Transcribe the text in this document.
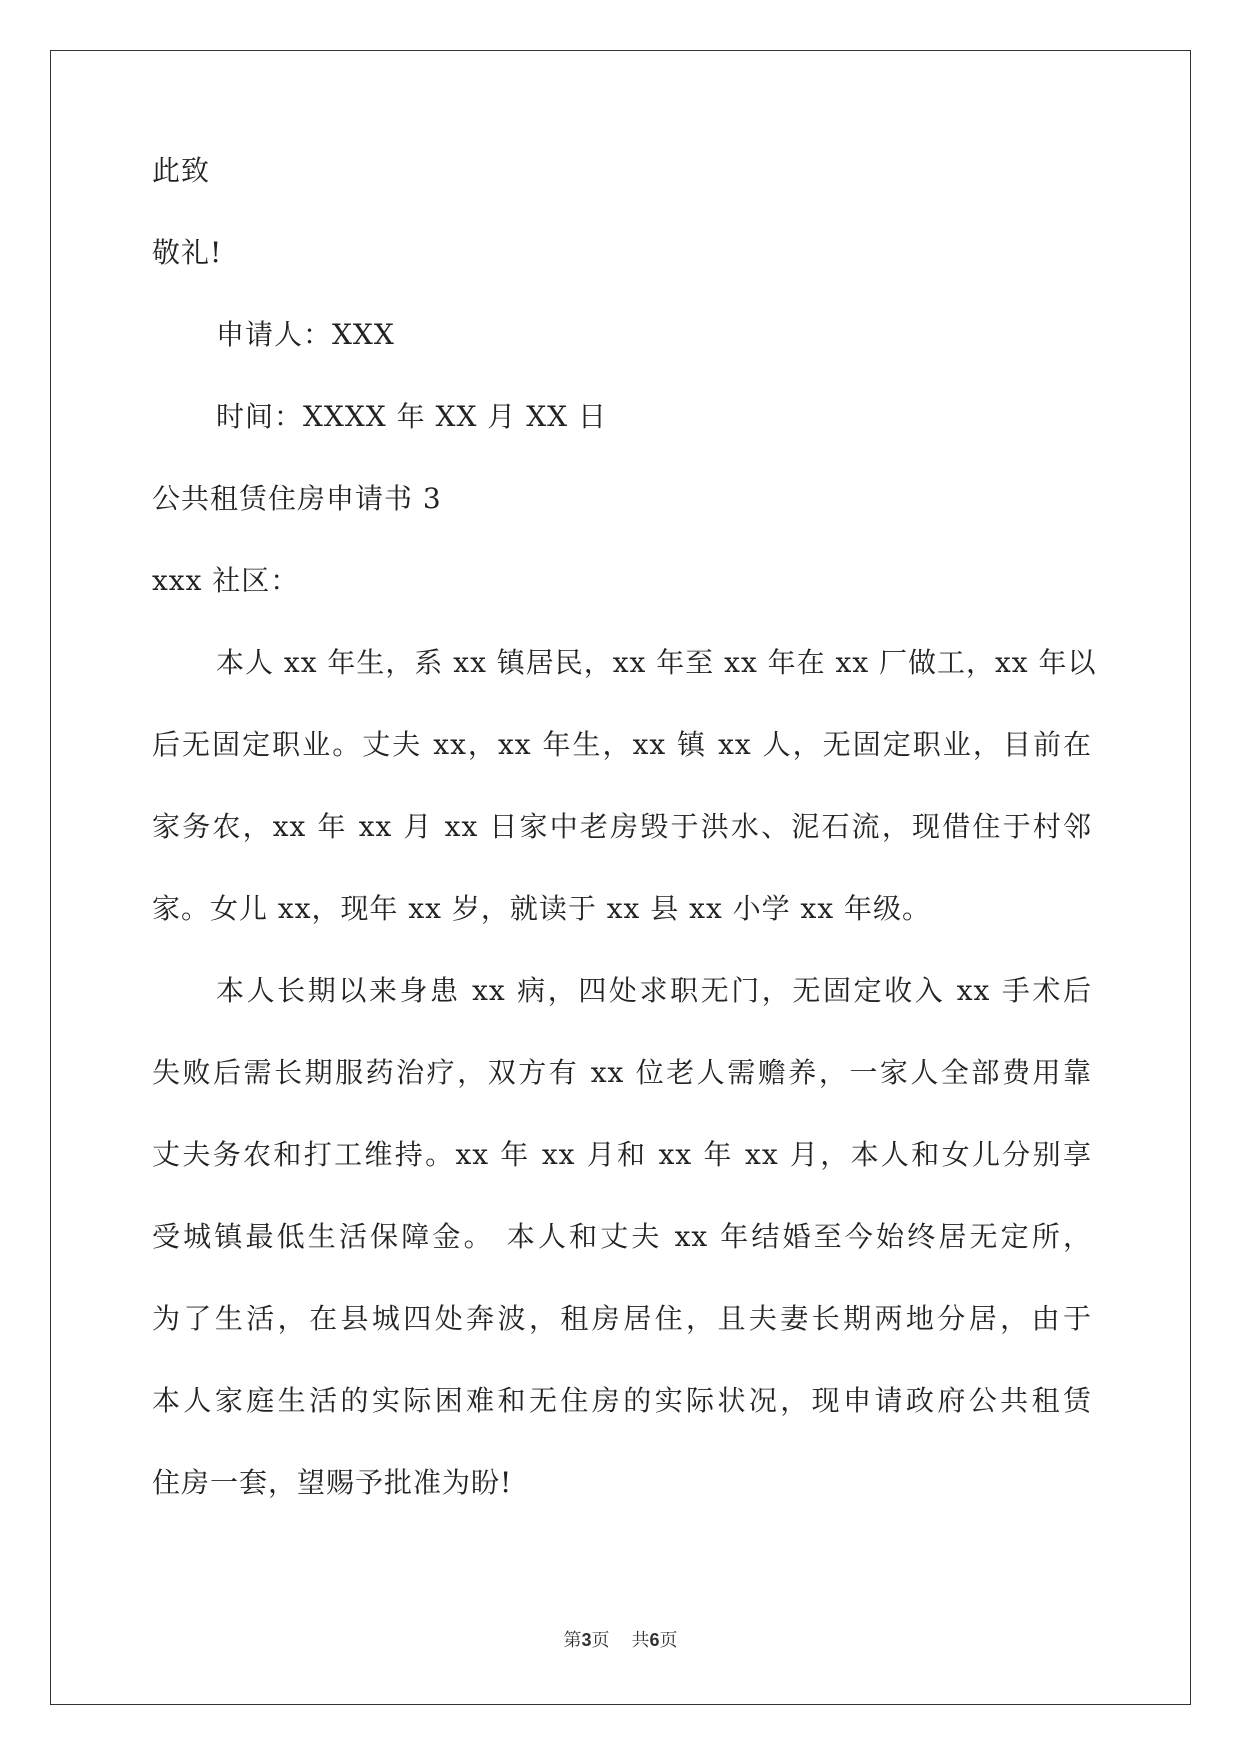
此致
敬礼!
申请人：XXX
时间：XXXX 年 XX 月 XX 日
公共租赁住房申请书 3
xxx 社区：
本人 xx 年生，系 xx 镇居民，xx 年至 xx 年在 xx 厂做工，xx 年以
后无固定职业。丈夫 xx，xx 年生，xx 镇 xx 人，无固定职业，目前在
家务农，xx 年 xx 月 xx 日家中老房毁于洪水、泥石流，现借住于村邻
家。女儿 xx，现年 xx 岁，就读于 xx 县 xx 小学 xx 年级。
本人长期以来身患 xx 病，四处求职无门，无固定收入 xx 手术后
失败后需长期服药治疗，双方有 xx 位老人需赡养，一家人全部费用靠
丈夫务农和打工维持。xx 年 xx 月和 xx 年 xx 月，本人和女儿分别享
受城镇最低生活保障金。 本人和丈夫 xx 年结婚至今始终居无定所，
为了生活，在县城四处奔波，租房居住，且夫妻长期两地分居，由于
本人家庭生活的实际困难和无住房的实际状况，现申请政府公共租赁
住房一套，望赐予批准为盼!
第3页 共6页
